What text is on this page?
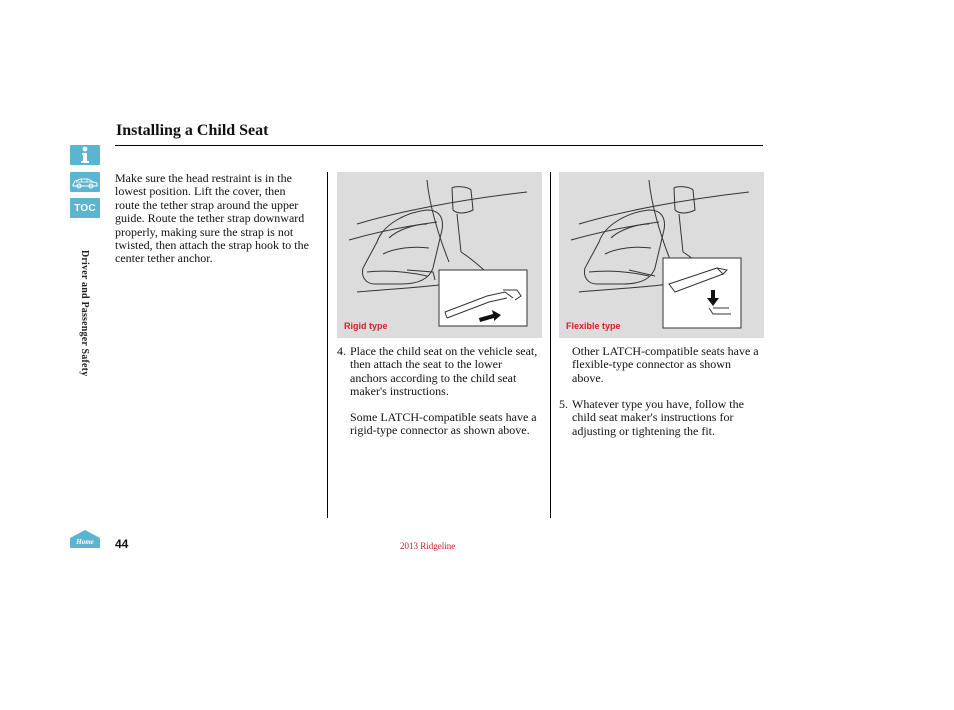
TOC
Driver and Passenger Safety
Installing a Child Seat
Make sure the head restraint is in the lowest position. Lift the cover, then route the tether strap around the upper guide. Route the tether strap downward properly, making sure the strap is not twisted, then attach the strap hook to the center tether anchor.
Rigid type	Flexible type
4. Place the child seat on the vehicle seat, then attach the seat to the lower anchors according to the child seat maker's instructions.
Some LATCH-compatible seats have a rigid-type connector as shown above.
Other LATCH-compatible seats have a flexible-type connector as shown above.
5. Whatever type you have, follow the child seat maker's instructions for adjusting or tightening the fit.
Home 44	2013 Ridgeline
